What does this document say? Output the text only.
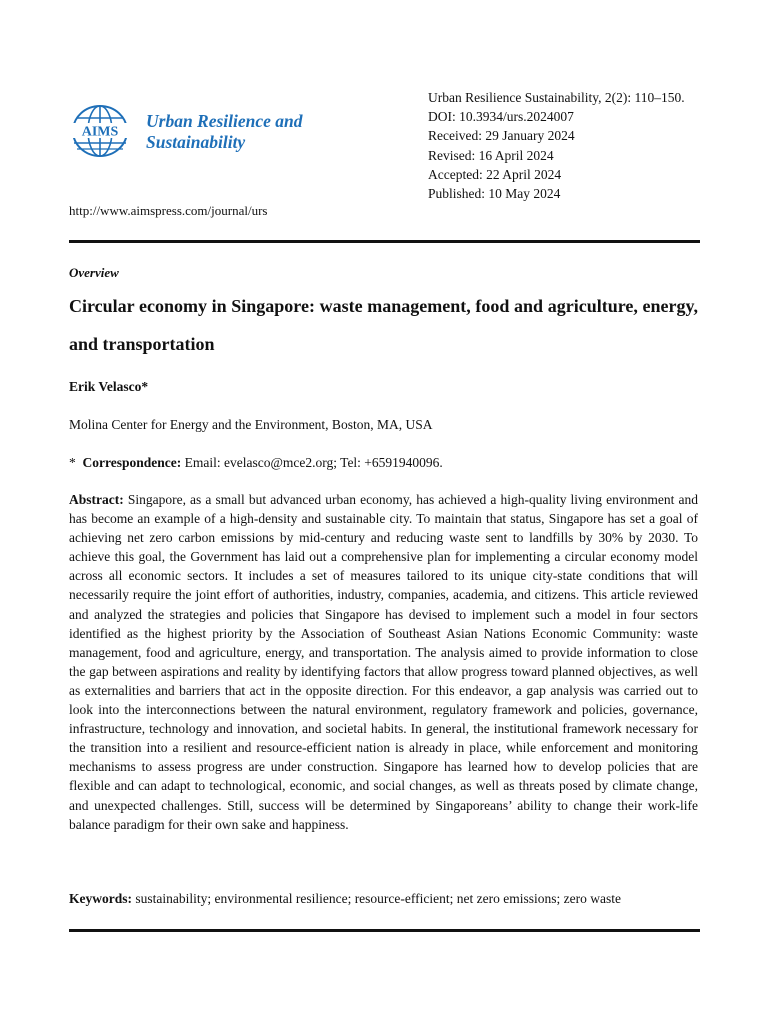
AIMS
Urban Resilience and
Sustainability
Urban Resilience Sustainability, 2(2): 110–150.
DOI: 10.3934/urs.2024007
Received: 29 January 2024
Revised: 16 April 2024
Accepted: 22 April 2024
Published: 10 May 2024
http://www.aimspress.com/journal/urs
Overview
Circular economy in Singapore: waste management, food and agriculture, energy, and transportation
Erik Velasco*
Molina Center for Energy and the Environment, Boston, MA, USA
* Correspondence: Email: evelasco@mce2.org; Tel: +6591940096.
Abstract: Singapore, as a small but advanced urban economy, has achieved a high-quality living environment and has become an example of a high-density and sustainable city. To maintain that status, Singapore has set a goal of achieving net zero carbon emissions by mid-century and reducing waste sent to landfills by 30% by 2030. To achieve this goal, the Government has laid out a comprehensive plan for implementing a circular economy model across all economic sectors. It includes a set of measures tailored to its unique city-state conditions that will necessarily require the joint effort of authorities, industry, companies, academia, and citizens. This article reviewed and analyzed the strategies and policies that Singapore has devised to implement such a model in four sectors identified as the highest priority by the Association of Southeast Asian Nations Economic Community: waste management, food and agriculture, energy, and transportation. The analysis aimed to provide information to close the gap between aspirations and reality by identifying factors that allow progress toward planned objectives, as well as externalities and barriers that act in the opposite direction. For this endeavor, a gap analysis was carried out to look into the interconnections between the natural environment, regulatory framework and policies, governance, infrastructure, technology and innovation, and societal habits. In general, the institutional framework necessary for the transition into a resilient and resource-efficient nation is already in place, while enforcement and monitoring mechanisms to assess progress are under construction. Singapore has learned how to develop policies that are flexible and can adapt to technological, economic, and social changes, as well as threats posed by climate change, and unexpected challenges. Still, success will be determined by Singaporeans’ ability to change their work-life balance paradigm for their own sake and happiness.
Keywords: sustainability; environmental resilience; resource-efficient; net zero emissions; zero waste
